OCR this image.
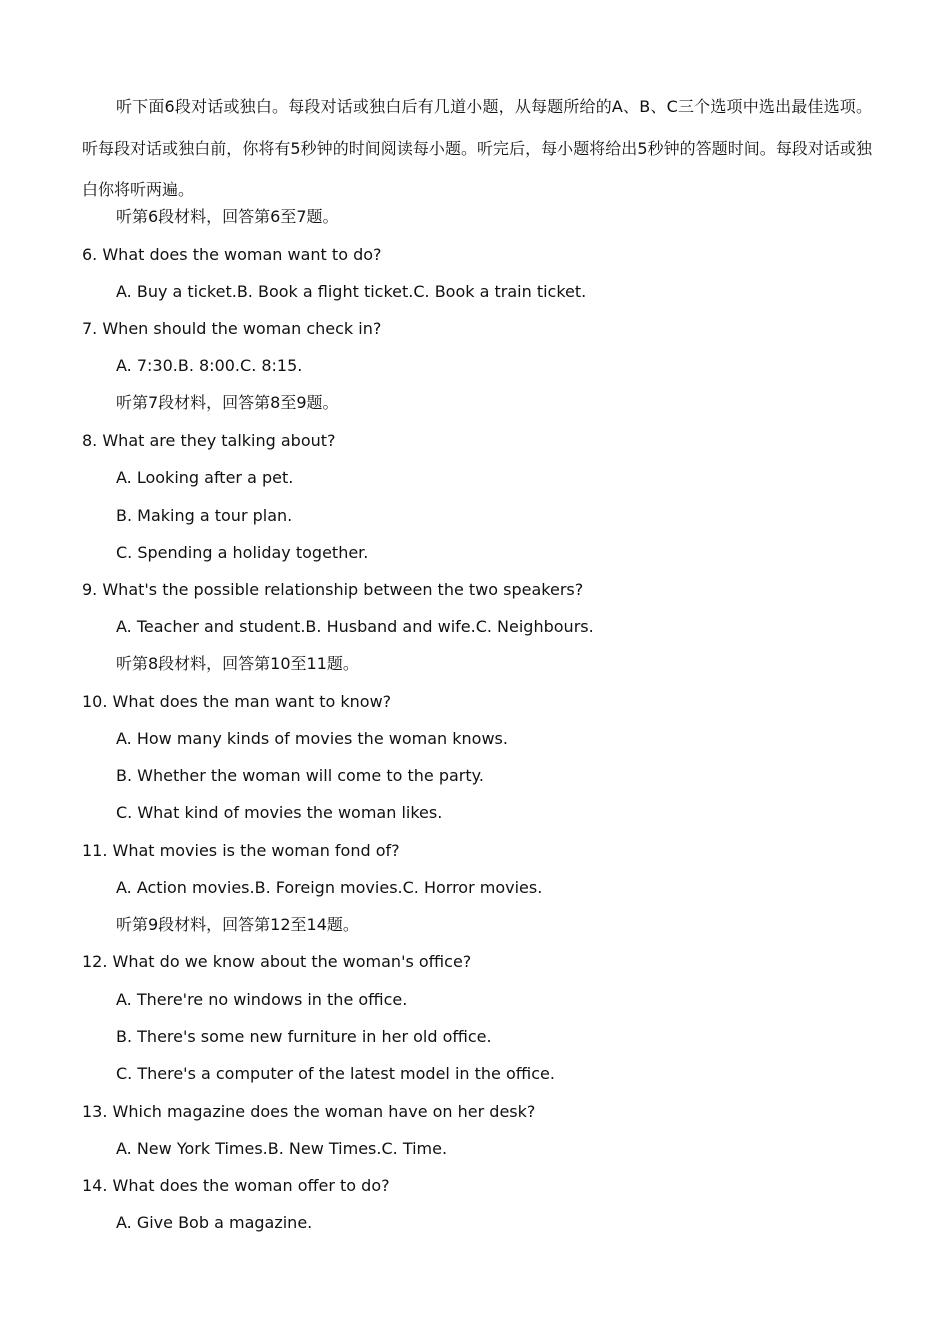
听下面6段对话或独白。每段对话或独白后有几道小题，从每题所给的A、B、C三个选项中选出最佳选项。听每段对话或独白前，你将有5秒钟的时间阅读每小题。听完后，每小题将给出5秒钟的答题时间。每段对话或独白你将听两遍。

听第6段材料，回答第6至7题。
6. What does the woman want to do?
A. Buy a ticket.B. Book a flight ticket.C. Book a train ticket.
7. When should the woman check in?
A. 7:30.B. 8:00.C. 8:15.
听第7段材料，回答第8至9题。
8. What are they talking about?
A. Looking after a pet.
B. Making a tour plan.
C. Spending a holiday together.
9. What's the possible relationship between the two speakers?
A. Teacher and student.B. Husband and wife.C. Neighbours.
听第8段材料，回答第10至11题。
10. What does the man want to know?
A. How many kinds of movies the woman knows.
B. Whether the woman will come to the party.
C. What kind of movies the woman likes.
11. What movies is the woman fond of?
A. Action movies.B. Foreign movies.C. Horror movies.
听第9段材料，回答第12至14题。
12. What do we know about the woman's office?
A. There're no windows in the office.
B. There's some new furniture in her old office.
C. There's a computer of the latest model in the office.
13. Which magazine does the woman have on her desk?
A. New York Times.B. New Times.C. Time.
14. What does the woman offer to do?
A. Give Bob a magazine.
